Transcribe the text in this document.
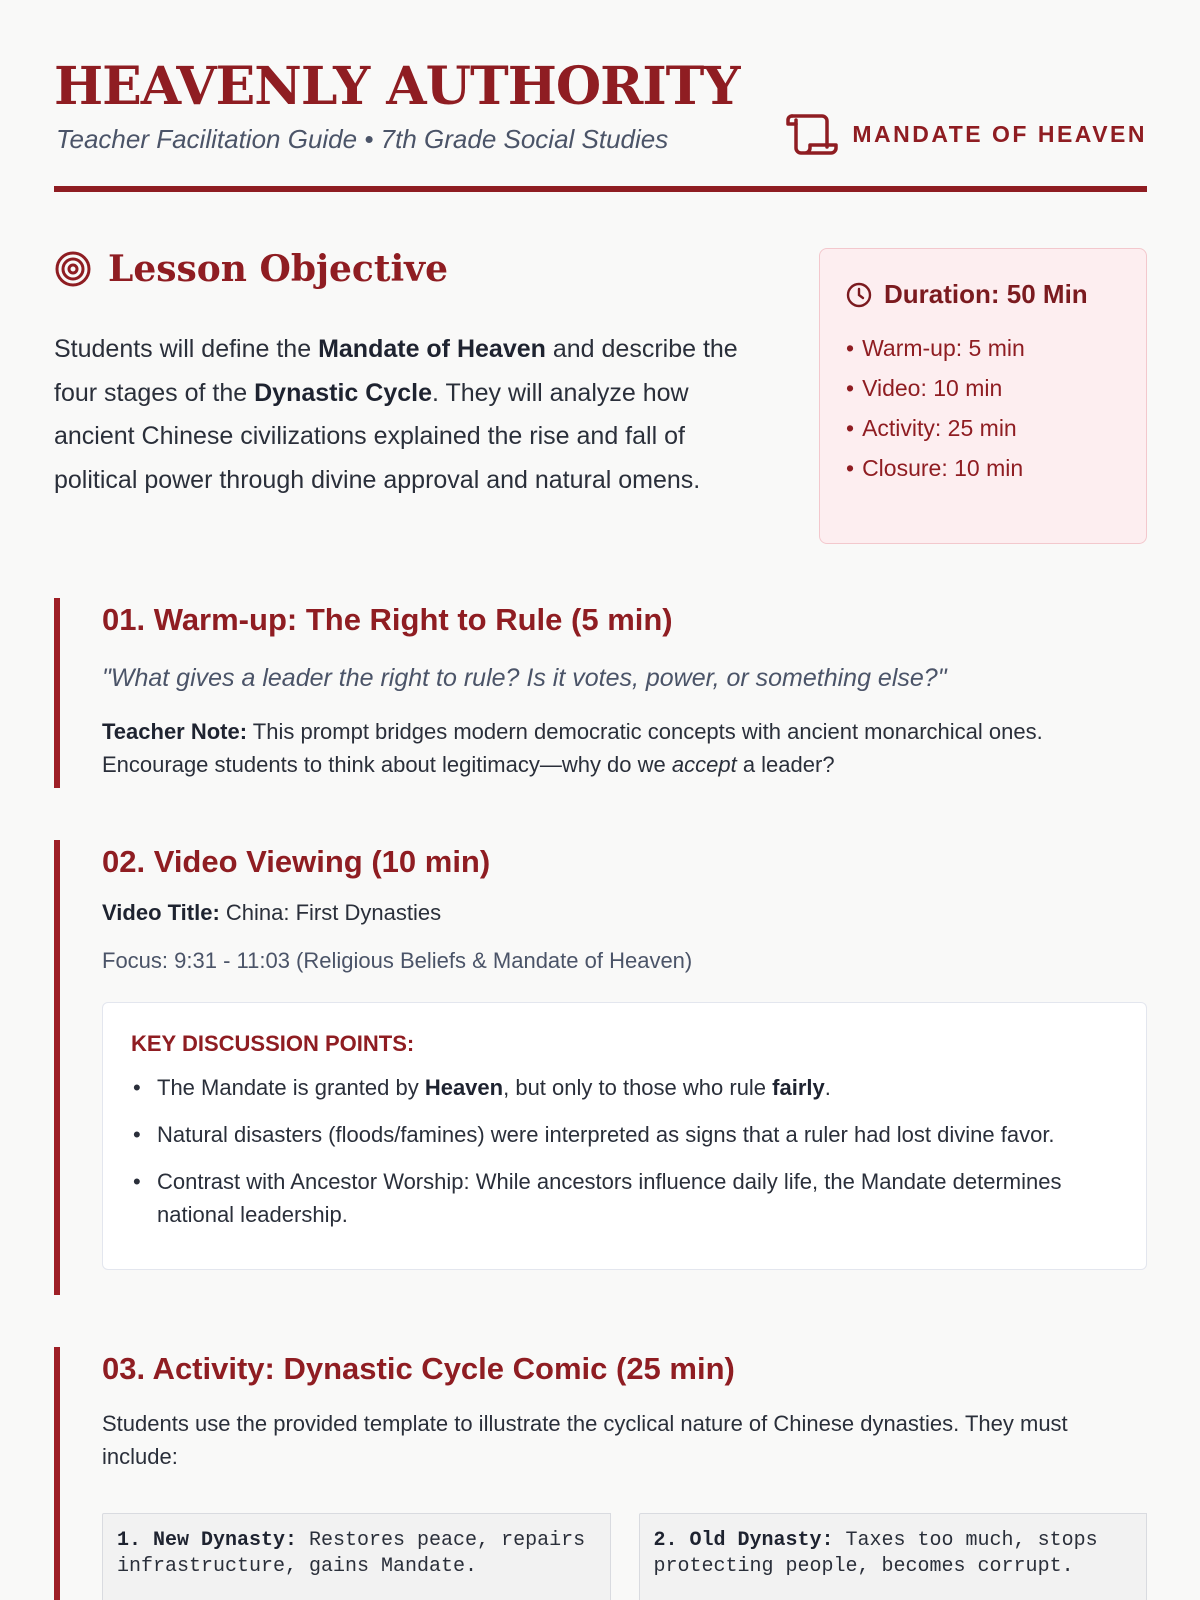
HEAVENLY AUTHORITY
Teacher Facilitation Guide • 7th Grade Social Studies	MANDATE OF HEAVEN
Lesson Objective

Students will define the Mandate of Heaven and describe the four stages of the Dynastic Cycle. They will analyze how ancient Chinese civilizations explained the rise and fall of political power through divine approval and natural omens.

Duration: 50 Min
• Warm-up: 5 min
• Video: 10 min
• Activity: 25 min
• Closure: 10 min
01. Warm-up: The Right to Rule (5 min)

"What gives a leader the right to rule? Is it votes, power, or something else?"

Teacher Note: This prompt bridges modern democratic concepts with ancient monarchical ones. Encourage students to think about legitimacy—why do we accept a leader?

02. Video Viewing (10 min)

Video Title: China: First Dynasties

Focus: 9:31 - 11:03 (Religious Beliefs & Mandate of Heaven)

KEY DISCUSSION POINTS:
• The Mandate is granted by Heaven, but only to those who rule fairly.
• Natural disasters (floods/famines) were interpreted as signs that a ruler had lost divine favor.
• Contrast with Ancestor Worship: While ancestors influence daily life, the Mandate determines national leadership.
03. Activity: Dynastic Cycle Comic (25 min)

Students use the provided template to illustrate the cyclical nature of Chinese dynasties. They must include:

1. New Dynasty: Restores peace, repairs infrastructure, gains Mandate.
2. Old Dynasty: Taxes too much, stops protecting people, becomes corrupt.
